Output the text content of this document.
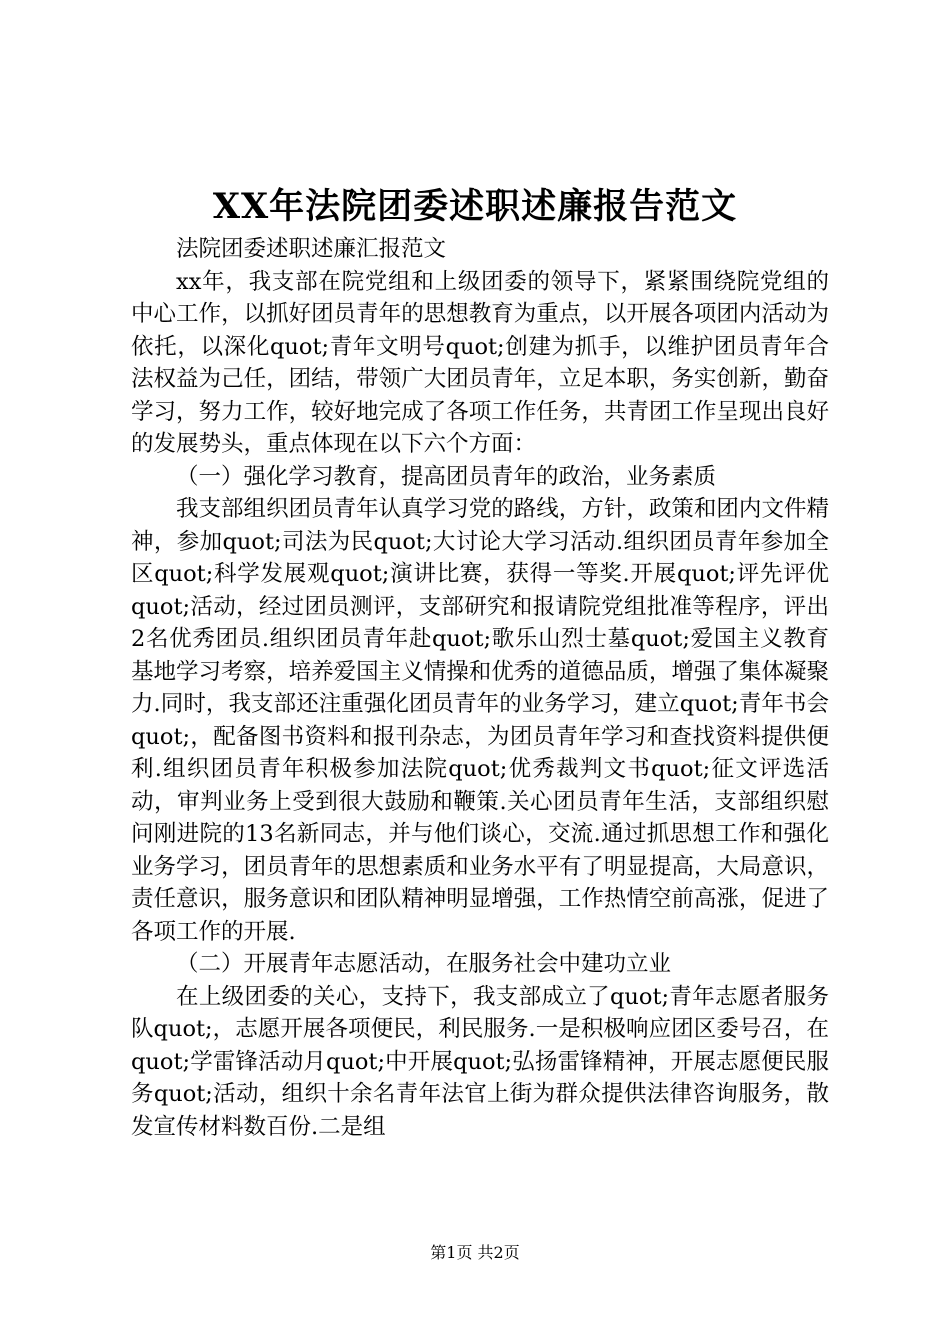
XX年法院团委述职述廉报告范文

法院团委述职述廉汇报范文

xx年，我支部在院党组和上级团委的领导下，紧紧围绕院党组的中心工作，以抓好团员青年的思想教育为重点，以开展各项团内活动为依托，以深化quot;青年文明号quot;创建为抓手，以维护团员青年合法权益为己任，团结，带领广大团员青年，立足本职，务实创新，勤奋学习，努力工作，较好地完成了各项工作任务，共青团工作呈现出良好的发展势头，重点体现在以下六个方面：

（一）强化学习教育，提高团员青年的政治，业务素质

我支部组织团员青年认真学习党的路线，方针，政策和团内文件精神，参加quot;司法为民quot;大讨论大学习活动.组织团员青年参加全区quot;科学发展观quot;演讲比赛，获得一等奖.开展quot;评先评优quot;活动，经过团员测评，支部研究和报请院党组批准等程序，评出2名优秀团员.组织团员青年赴quot;歌乐山烈士墓quot;爱国主义教育基地学习考察，培养爱国主义情操和优秀的道德品质，增强了集体凝聚力.同时，我支部还注重强化团员青年的业务学习，建立quot;青年书会quot;，配备图书资料和报刊杂志，为团员青年学习和查找资料提供便利.组织团员青年积极参加法院quot;优秀裁判文书quot;征文评选活动，审判业务上受到很大鼓励和鞭策.关心团员青年生活，支部组织慰问刚进院的13名新同志，并与他们谈心，交流.通过抓思想工作和强化业务学习，团员青年的思想素质和业务水平有了明显提高，大局意识，责任意识，服务意识和团队精神明显增强，工作热情空前高涨，促进了各项工作的开展.

（二）开展青年志愿活动，在服务社会中建功立业

在上级团委的关心，支持下，我支部成立了quot;青年志愿者服务队quot;，志愿开展各项便民，利民服务.一是积极响应团区委号召，在quot;学雷锋活动月quot;中开展quot;弘扬雷锋精神，开展志愿便民服务quot;活动，组织十余名青年法官上街为群众提供法律咨询服务，散发宣传材料数百份.二是组

第1页 共2页
